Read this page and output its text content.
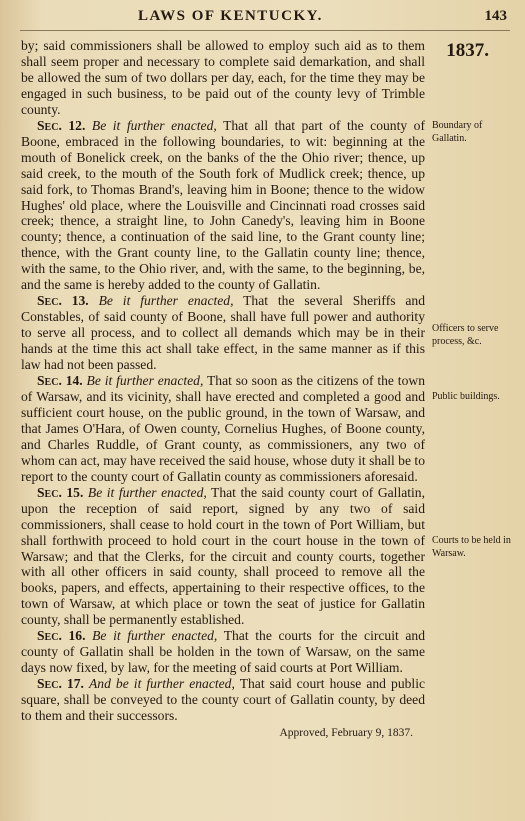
LAWS OF KENTUCKY.	143
1837.

by; said commissioners shall be allowed to employ such aid as to them shall seem proper and necessary to complete said demarkation, and shall be allowed the sum of two dollars per day, each, for the time they may be engaged in such business, to be paid out of the county levy of Trimble county.

Sec. 12. Be it further enacted, That all that part of the county of Boone, embraced in the following boundaries, to wit: beginning at the mouth of Bonelick creek, on the banks of the the Ohio river; thence, up said creek, to the mouth of the South fork of Mudlick creek; thence, up said fork, to Thomas Brand's, leaving him in Boone; thence to the widow Hughes' old place, where the Louisville and Cincinnati road crosses said creek; thence, a straight line, to John Canedy's, leaving him in Boone county; thence, a continuation of the said line, to the Grant county line; thence, with the Grant county line, to the Gallatin county line; thence, with the same, to the Ohio river, and, with the same, to the beginning, be, and the same is hereby added to the county of Gallatin.

Sec. 13. Be it further enacted, That the several Sheriffs and Constables, of said county of Boone, shall have full power and authority to serve all process, and to collect all demands which may be in their hands at the time this act shall take effect, in the same manner as if this law had not been passed.

Sec. 14. Be it further enacted, That so soon as the citizens of the town of Warsaw, and its vicinity, shall have erected and completed a good and sufficient court house, on the public ground, in the town of Warsaw, and that James O'Hara, of Owen county, Cornelius Hughes, of Boone county, and Charles Ruddle, of Grant county, as commissioners, any two of whom can act, may have received the said house, whose duty it shall be to report to the county court of Gallatin county as commissioners aforesaid.

Sec. 15. Be it further enacted, That the said county court of Gallatin, upon the reception of said report, signed by any two of said commissioners, shall cease to hold court in the town of Port William, but shall forthwith proceed to hold court in the court house in the town of Warsaw; and that the Clerks, for the circuit and county courts, together with all other officers in said county, shall proceed to remove all the books, papers, and effects, appertaining to their respective offices, to the town of Warsaw, at which place or town the seat of justice for Gallatin county, shall be permanently established.

Sec. 16. Be it further enacted, That the courts for the circuit and county of Gallatin shall be holden in the town of Warsaw, on the same days now fixed, by law, for the meeting of said courts at Port William.

Sec. 17. And be it further enacted, That said court house and public square, shall be conveyed to the county court of Gallatin county, by deed to them and their successors.

Approved, February 9, 1837.
Boundary of Gallatin.
Officers to serve process, &c.
Public buildings.
Courts to be held in Warsaw.
